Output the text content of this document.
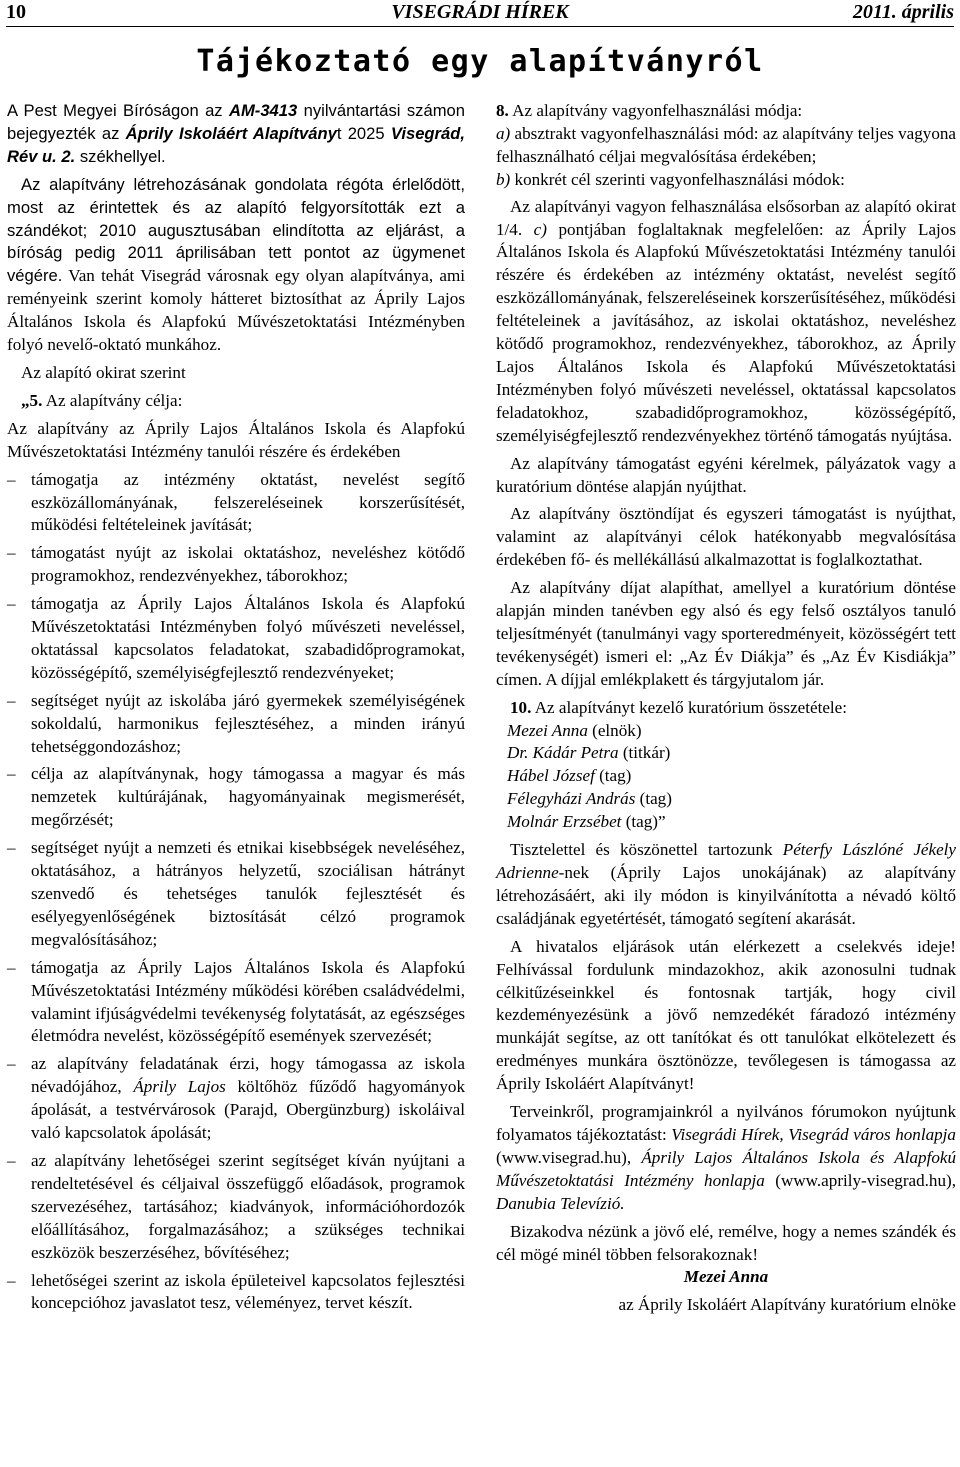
10	VISEGRÁDI HÍREK	2011. április
Tájékoztató egy alapítványról

A Pest Megyei Bíróságon az AM-3413 nyilvántartási számon bejegyezték az Áprily Iskoláért Alapítványt 2025 Visegrád, Rév u. 2. székhellyel.

Az alapítvány létrehozásának gondolata régóta érlelődött, most az érintettek és az alapító felgyorsították ezt a szándékot; 2010 augusztusában elindította az eljárást, a bíróság pedig 2011 áprilisában tett pontot az ügymenet végére. Van tehát Visegrád városnak egy olyan alapítványa, ami reményeink szerint komoly hátteret biztosíthat az Áprily Lajos Általános Iskola és Alapfokú Művészetoktatási Intézményben folyó nevelő-oktató munkához.

Az alapító okirat szerint

„5. Az alapítvány célja:

Az alapítvány az Áprily Lajos Általános Iskola és Alapfokú Művészetoktatási Intézmény tanulói részére és érdekében

– támogatja az intézmény oktatást, nevelést segítő eszközállományának, felszereléseinek korszerűsítését, működési feltételeinek javítását;
– támogatást nyújt az iskolai oktatáshoz, neveléshez kötődő programokhoz, rendezvényekhez, táborokhoz;
– támogatja az Áprily Lajos Általános Iskola és Alapfokú Művészetoktatási Intézményben folyó művészeti neveléssel, oktatással kapcsolatos feladatokat, szabadidőprogramokat, közösségépítő, személyiségfejlesztő rendezvényeket;
– segítséget nyújt az iskolába járó gyermekek személyiségének sokoldalú, harmonikus fejlesztéséhez, a minden irányú tehetséggondozáshoz;
– célja az alapítványnak, hogy támogassa a magyar és más nemzetek kultúrájának, hagyományainak megismerését, megőrzését;
– segítséget nyújt a nemzeti és etnikai kisebbségek neveléséhez, oktatásához, a hátrányos helyzetű, szociálisan hátrányt szenvedő és tehetséges tanulók fejlesztését és esélyegyenlőségének biztosítását célzó programok megvalósításához;
– támogatja az Áprily Lajos Általános Iskola és Alapfokú Művészetoktatási Intézmény működési körében családvédelmi, valamint ifjúságvédelmi tevékenység folytatását, az egészséges életmódra nevelést, közösségépítő események szervezését;
– az alapítvány feladatának érzi, hogy támogassa az iskola névadójához, Áprily Lajos költőhöz fűződő hagyományok ápolását, a testvérvárosok (Parajd, Obergünzburg) iskoláival való kapcsolatok ápolását;
– az alapítvány lehetőségei szerint segítséget kíván nyújtani a rendeltetésével és céljaival összefüggő előadások, programok szervezéséhez, tartásához; kiadványok, információhordozók előállításához, forgalmazásához; a szükséges technikai eszközök beszerzéséhez, bővítéséhez;
– lehetőségei szerint az iskola épületeivel kapcsolatos fejlesztési koncepcióhoz javaslatot tesz, véleményez, tervet készít.

8. Az alapítvány vagyonfelhasználási módja:

a) absztrakt vagyonfelhasználási mód: az alapítvány teljes vagyona felhasználható céljai megvalósítása érdekében;

b) konkrét cél szerinti vagyonfelhasználási módok:

Az alapítványi vagyon felhasználása elsősorban az alapító okirat 1/4. c) pontjában foglaltaknak megfelelően: az Áprily Lajos Általános Iskola és Alapfokú Művészetoktatási Intézmény tanulói részére és érdekében az intézmény oktatást, nevelést segítő eszközállományának, felszereléseinek korszerűsítéséhez, működési feltételeinek a javításához, az iskolai oktatáshoz, neveléshez kötődő programokhoz, rendezvényekhez, táborokhoz, az Áprily Lajos Általános Iskola és Alapfokú Művészetoktatási Intézményben folyó művészeti neveléssel, oktatással kapcsolatos feladatokhoz, szabadidőprogramokhoz, közösségépítő, személyiségfejlesztő rendezvényekhez történő támogatás nyújtása.

Az alapítvány támogatást egyéni kérelmek, pályázatok vagy a kuratórium döntése alapján nyújthat.

Az alapítvány ösztöndíjat és egyszeri támogatást is nyújthat, valamint az alapítványi célok hatékonyabb megvalósítása érdekében fő- és mellékállású alkalmazottat is foglalkoztathat.

Az alapítvány díjat alapíthat, amellyel a kuratórium döntése alapján minden tanévben egy alsó és egy felső osztályos tanuló teljesítményét (tanulmányi vagy sporteredményeit, közösségért tett tevékenységét) ismeri el: „Az Év Diákja” és „Az Év Kisdiákja” címen. A díjjal emlékplakett és tárgyjutalom jár.

10. Az alapítványt kezelő kuratórium összetétele:

Mezei Anna (elnök)

Dr. Kádár Petra (titkár)

Hábel József (tag)

Félegyházi András (tag)

Molnár Erzsébet (tag)”

Tisztelettel és köszönettel tartozunk Péterfy Lászlóné Jékely Adrienne-nek (Áprily Lajos unokájának) az alapítvány létrehozásáért, aki ily módon is kinyilvánította a névadó költő családjának egyetértését, támogató segítení akarását.

A hivatalos eljárások után elérkezett a cselekvés ideje! Felhívással fordulunk mindazokhoz, akik azonosulni tudnak célkitűzéseinkkel és fontosnak tartják, hogy civil kezdeményezésünk a jövő nemzedékét fáradozó intézmény munkáját segítse, az ott tanítókat és ott tanulókat elkötelezett és eredményes munkára ösztönözze, tevőlegesen is támogassa az Áprily Iskoláért Alapítványt!

Terveinkről, programjainkról a nyilvános fórumokon nyújtunk folyamatos tájékoztatást: Visegrádi Hírek, Visegrád város honlapja (www.visegrad.hu), Áprily Lajos Általános Iskola és Alapfokú Művészetoktatási Intézmény honlapja (www.aprily-visegrad.hu), Danubia Televízió.

Bizakodva nézünk a jövő elé, remélve, hogy a nemes szándék és cél mögé minél többen felsorakoznak!

Mezei Anna

az Áprily Iskoláért Alapítvány kuratórium elnöke
